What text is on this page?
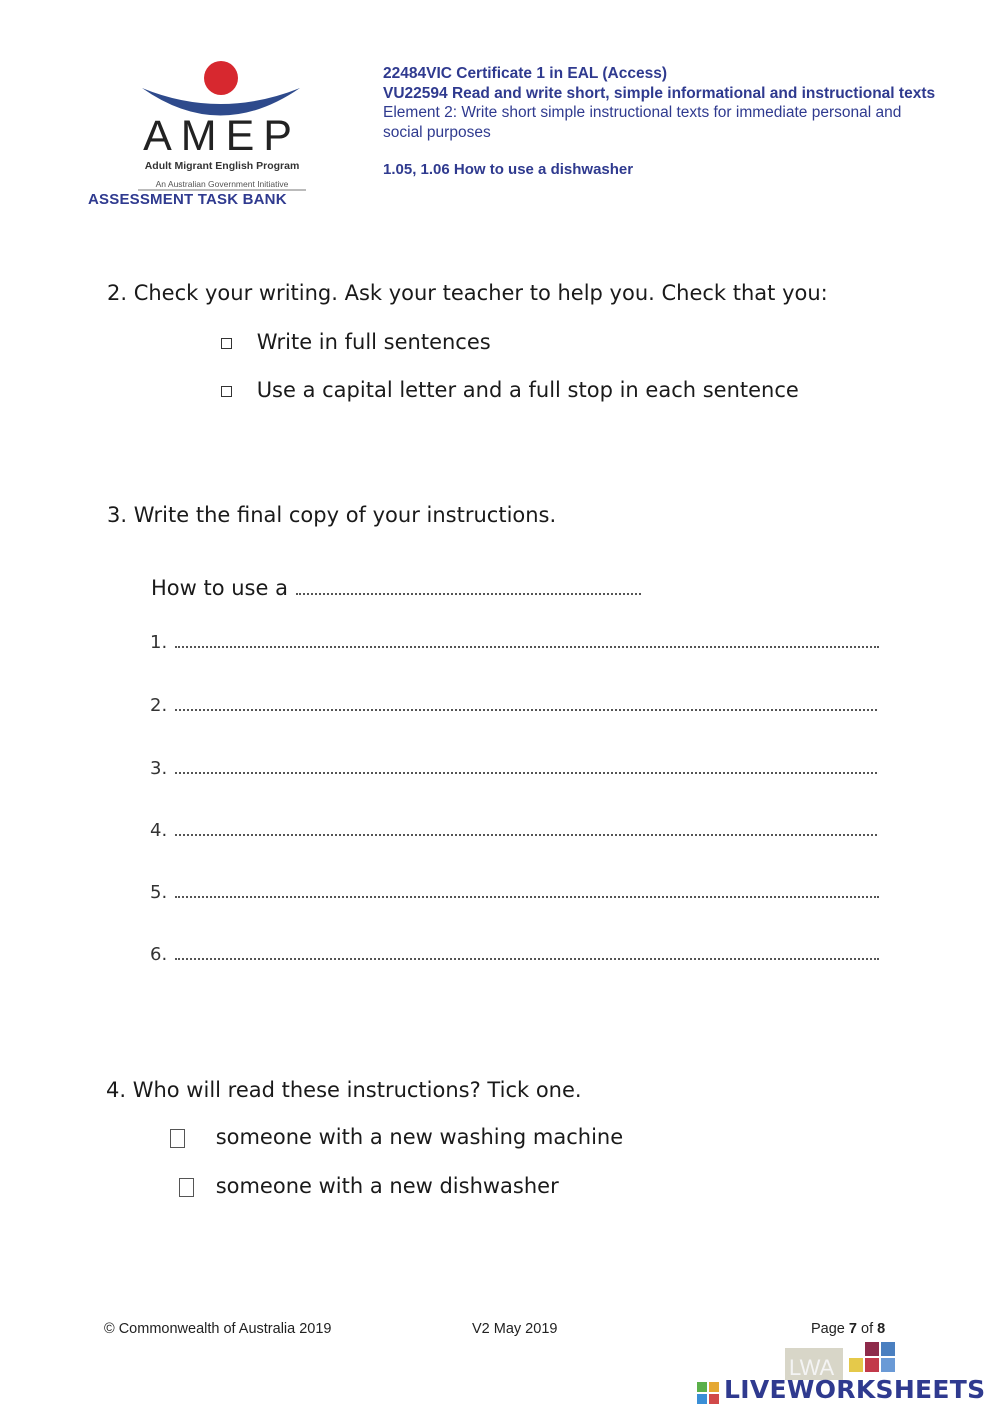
AMEP
Adult Migrant English Program
An Australian Government Initiative
ASSESSMENT TASK BANK
22484VIC Certificate 1 in EAL (Access)
VU22594 Read and write short, simple informational and instructional texts
Element 2: Write short simple instructional texts for immediate personal and social purposes
1.05, 1.06 How to use a dishwasher
2. Check your writing. Ask your teacher to help you. Check that you:
Write in full sentences
Use a capital letter and a full stop in each sentence
3. Write the final copy of your instructions.
How to use a
1.
2.
3.
4.
5.
6.
4. Who will read these instructions? Tick one.
someone with a new washing machine
someone with a new dishwasher
© Commonwealth of Australia 2019	V2 May 2019	Page 7 of 8
LWA
LIVEWORKSHEETS
